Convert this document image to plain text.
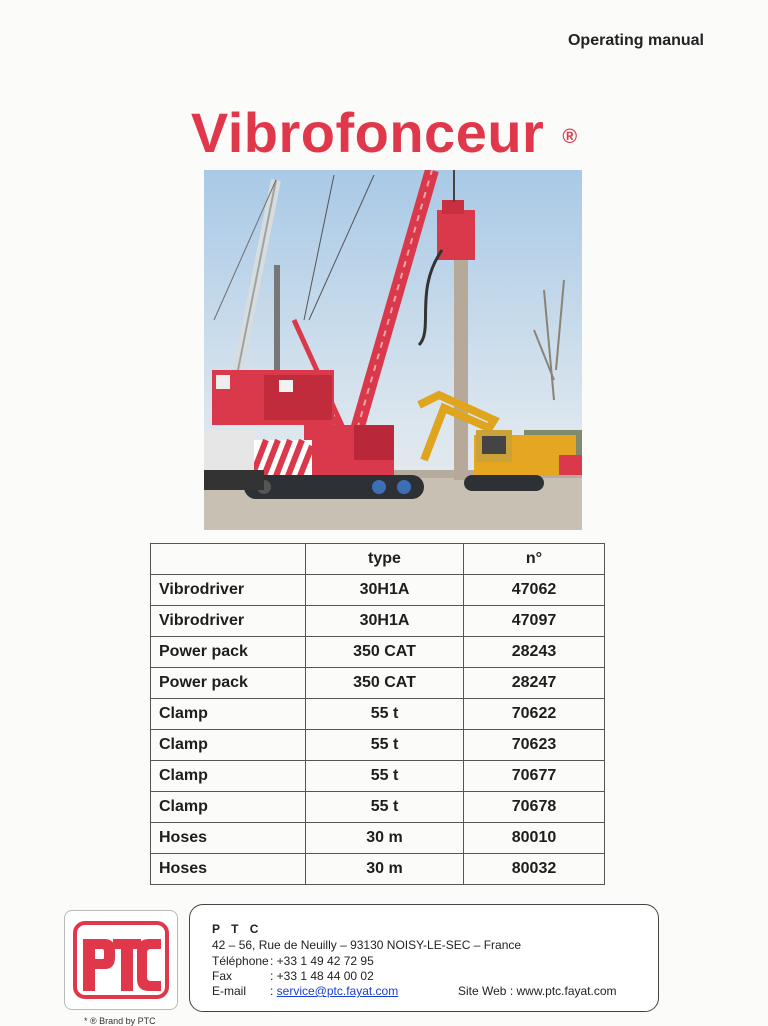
Operating manual
Vibrofonceur ®
	type	n°
Vibrodriver	30H1A	47062
Vibrodriver	30H1A	47097
Power pack	350 CAT	28243
Power pack	350 CAT	28247
Clamp	55 t	70622
Clamp	55 t	70623
Clamp	55 t	70677
Clamp	55 t	70678
Hoses	30 m	80010
Hoses	30 m	80032
P T C
42 – 56, Rue de Neuilly – 93130 NOISY-LE-SEC – France
Téléphone: +33 1 49 42 72 95
Fax	: +33 1 48 44 00 02
E-mail : service@ptc.fayat.com	Site Web : www.ptc.fayat.com
* ® Brand by PTC
